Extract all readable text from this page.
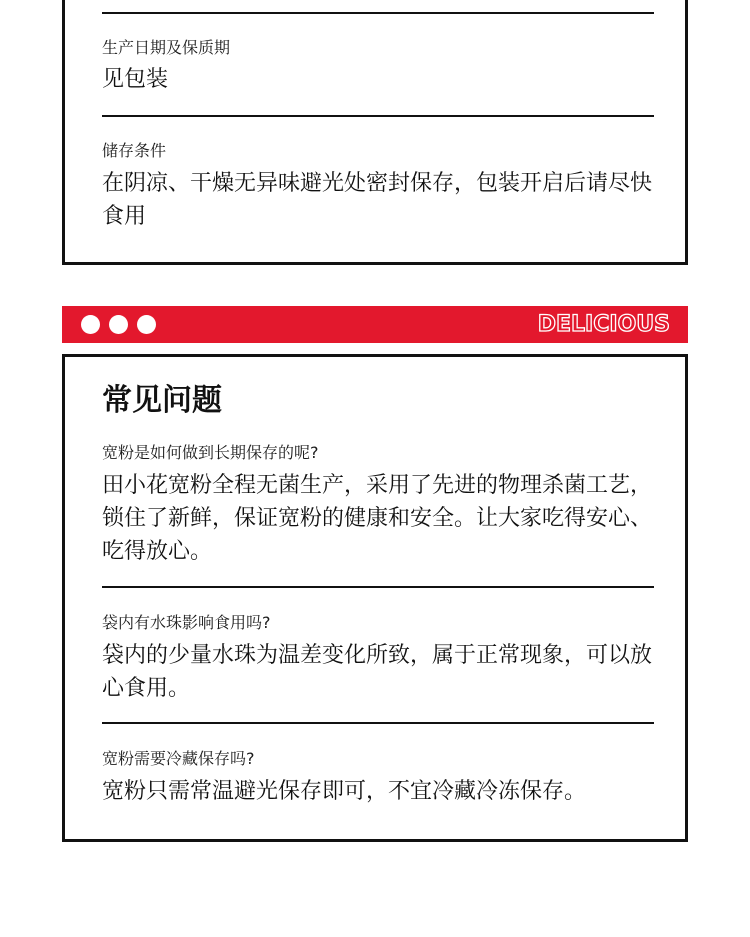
生产日期及保质期
见包装
储存条件
在阴凉、干燥无异味避光处密封保存，包装开启后请尽快食用
DELICIOUS
常见问题
宽粉是如何做到长期保存的呢?
田小花宽粉全程无菌生产，采用了先进的物理杀菌工艺，锁住了新鲜，保证宽粉的健康和安全。让大家吃得安心、吃得放心。
袋内有水珠影响食用吗?
袋内的少量水珠为温差变化所致，属于正常现象，可以放心食用。
宽粉需要冷藏保存吗?
宽粉只需常温避光保存即可，不宜冷藏冷冻保存。
